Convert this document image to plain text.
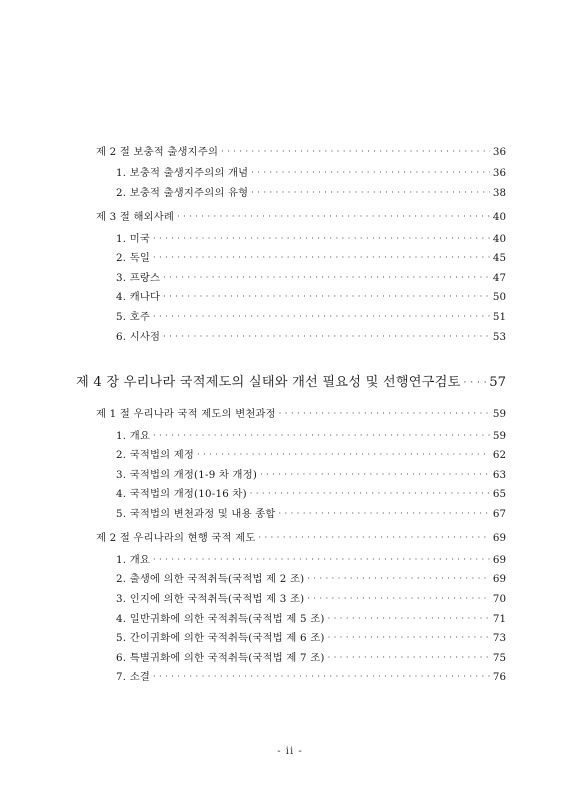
제 2 절 보충적 출생지주의 · · ·	36
1. 보충적 출생지주의의 개념 · · ·	36
2. 보충적 출생지주의의 유형 · · ·	38
제 3 절 해외사례 · · ·	40
1. 미국 · · ·	40
2. 독일 · · ·	45
3. 프랑스 · · ·	47
4. 캐나다 · · ·	50
5. 호주 · · ·	51
6. 시사점 · · ·	53
제 4 장 우리나라 국적제도의 실태와 개선 필요성 및 선행연구검토 · · · 57
제 1 절 우리나라 국적 제도의 변천과정 · · ·	59
1. 개요 · · ·	59
2. 국적법의 제정 · · ·	62
3. 국적법의 개정(1-9 차 개정) · · ·	63
4. 국적법의 개정(10-16 차) · · ·	65
5. 국적법의 변천과정 및 내용 종합 · · ·	67
제 2 절 우리나라의 현행 국적 제도 · · ·	69
1. 개요 · · ·	69
2. 출생에 의한 국적취득(국적법 제 2 조) · · ·	69
3. 인지에 의한 국적취득(국적법 제 3 조) · · ·	70
4. 일반귀화에 의한 국적취득(국적법 제 5 조) · · ·	71
5. 간이귀화에 의한 국적취득(국적법 제 6 조) · · ·	73
6. 특별귀화에 의한 국적취득(국적법 제 7 조) · · ·	75
7. 소결 · · ·	76
- ii -
